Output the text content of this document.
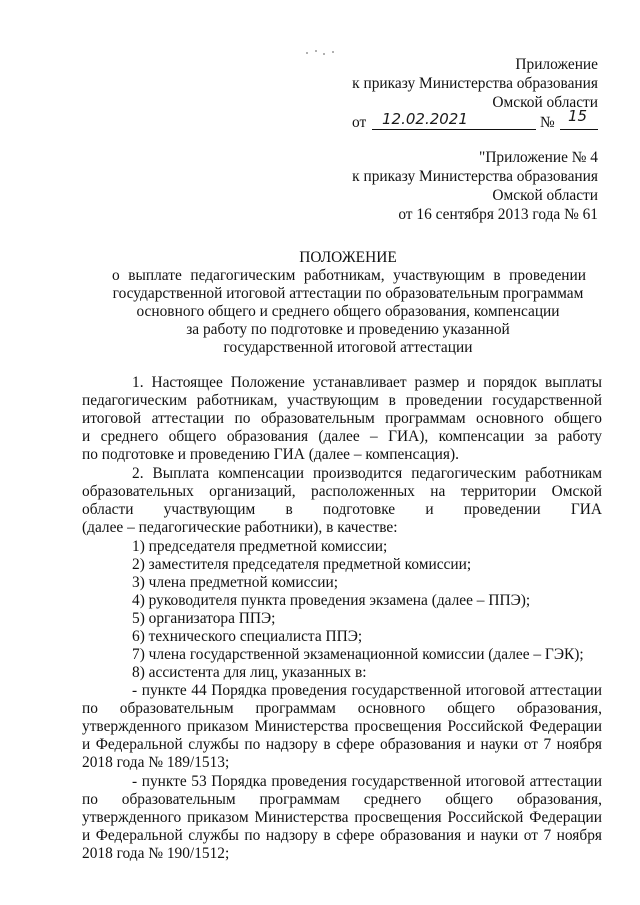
Приложение
к приказу Министерства образования
Омской области
от 12.02.2021	№ 15
"Приложение № 4
к приказу Министерства образования
Омской области
от 16 сентября 2013 года № 61
ПОЛОЖЕНИЕ
о выплате педагогическим работникам, участвующим в проведении
государственной итоговой аттестации по образовательным программам
основного общего и среднего общего образования, компенсации
за работу по подготовке и проведению указанной
государственной итоговой аттестации
1. Настоящее Положение устанавливает размер и порядок выплаты
педагогическим работникам, участвующим в проведении государственной
итоговой аттестации по образовательным программам основного общего
и среднего общего образования (далее – ГИА), компенсации за работу
по подготовке и проведению ГИА (далее – компенсация).
2. Выплата компенсации производится педагогическим работникам
образовательных организаций, расположенных на территории Омской
области участвующим в подготовке и проведении ГИА
(далее – педагогические работники), в качестве:
1) председателя предметной комиссии;
2) заместителя председателя предметной комиссии;
3) члена предметной комиссии;
4) руководителя пункта проведения экзамена (далее – ППЭ);
5) организатора ППЭ;
6) технического специалиста ППЭ;
7) члена государственной экзаменационной комиссии (далее – ГЭК);
8) ассистента для лиц, указанных в:
- пункте 44 Порядка проведения государственной итоговой аттестации
по образовательным программам основного общего образования,
утвержденного приказом Министерства просвещения Российской Федерации
и Федеральной службы по надзору в сфере образования и науки от 7 ноября
2018 года № 189/1513;
- пункте 53 Порядка проведения государственной итоговой аттестации
по образовательным программам среднего общего образования,
утвержденного приказом Министерства просвещения Российской Федерации
и Федеральной службы по надзору в сфере образования и науки от 7 ноября
2018 года № 190/1512;
